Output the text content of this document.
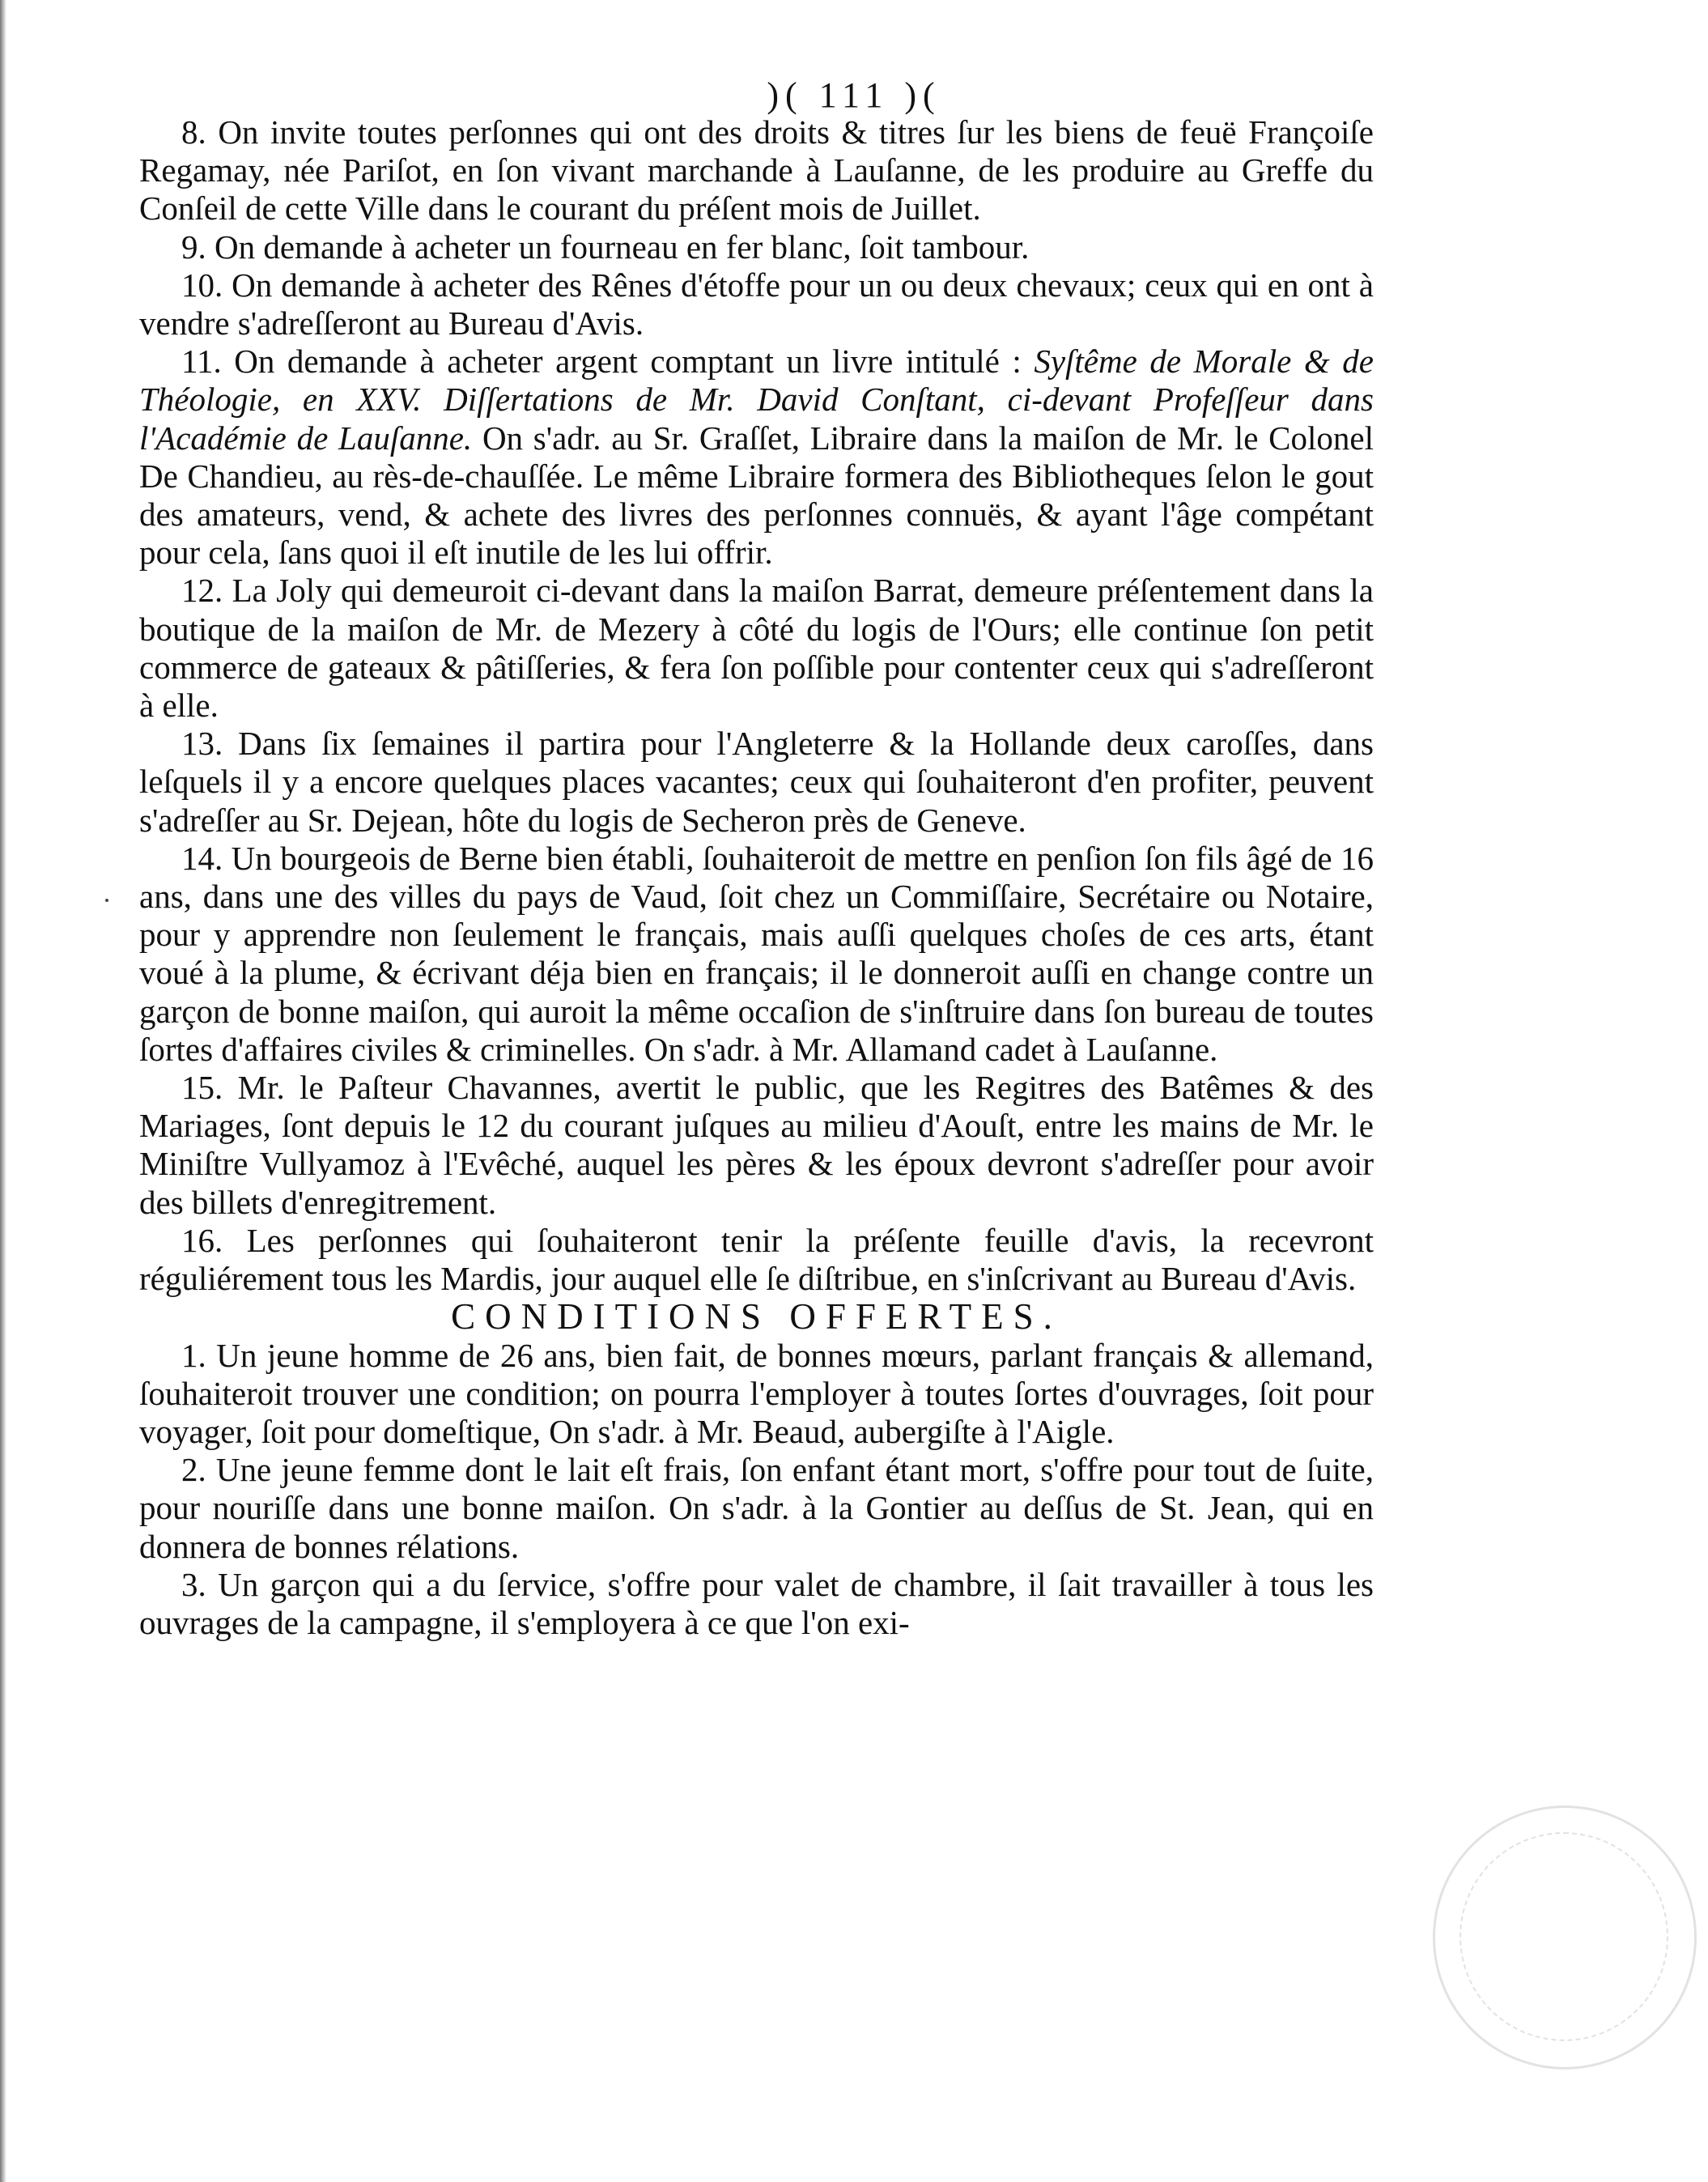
)( 111 )(

8. On invite toutes perſonnes qui ont des droits & titres ſur les biens de feuë Françoiſe Regamay, née Pariſot, en ſon vivant marchande à Lauſanne, de les produire au Greffe du Conſeil de cette Ville dans le courant du préſent mois de Juillet.

9. On demande à acheter un fourneau en fer blanc, ſoit tambour.

10. On demande à acheter des Rênes d'étoffe pour un ou deux chevaux; ceux qui en ont à vendre s'adreſſeront au Bureau d'Avis.

11. On demande à acheter argent comptant un livre intitulé : Syſtême de Morale & de Théologie, en XXV. Diſſertations de Mr. David Conſtant, ci-devant Profeſſeur dans l'Académie de Lauſanne. On s'adr. au Sr. Graſſet, Libraire dans la maiſon de Mr. le Colonel De Chandieu, au rès-de-chauſſée. Le même Libraire formera des Bibliotheques ſelon le gout des amateurs, vend, & achete des livres des perſonnes connuës, & ayant l'âge compétant pour cela, ſans quoi il eſt inutile de les lui offrir.

12. La Joly qui demeuroit ci-devant dans la maiſon Barrat, demeure préſentement dans la boutique de la maiſon de Mr. de Mezery à côté du logis de l'Ours; elle continue ſon petit commerce de gateaux & pâtiſſeries, & fera ſon poſſible pour contenter ceux qui s'adreſſeront à elle.

13. Dans ſix ſemaines il partira pour l'Angleterre & la Hollande deux caroſſes, dans leſquels il y a encore quelques places vacantes; ceux qui ſouhaiteront d'en profiter, peuvent s'adreſſer au Sr. Dejean, hôte du logis de Secheron près de Geneve.

14. Un bourgeois de Berne bien établi, ſouhaiteroit de mettre en penſion ſon fils âgé de 16 ans, dans une des villes du pays de Vaud, ſoit chez un Commiſſaire, Secrétaire ou Notaire, pour y apprendre non ſeulement le français, mais auſſi quelques choſes de ces arts, étant voué à la plume, & écrivant déja bien en français; il le donneroit auſſi en change contre un garçon de bonne maiſon, qui auroit la même occaſion de s'inſtruire dans ſon bureau de toutes ſortes d'affaires civiles & criminelles. On s'adr. à Mr. Allamand cadet à Lauſanne.

15. Mr. le Paſteur Chavannes, avertit le public, que les Regitres des Batêmes & des Mariages, ſont depuis le 12 du courant juſques au milieu d'Aouſt, entre les mains de Mr. le Miniſtre Vullyamoz à l'Evêché, auquel les pères & les époux devront s'adreſſer pour avoir des billets d'enregitrement.

16. Les perſonnes qui ſouhaiteront tenir la préſente feuille d'avis, la recevront réguliérement tous les Mardis, jour auquel elle ſe diſtribue, en s'inſcrivant au Bureau d'Avis.

CONDITIONS OFFERTES.

1. Un jeune homme de 26 ans, bien fait, de bonnes mœurs, parlant français & allemand, ſouhaiteroit trouver une condition; on pourra l'employer à toutes ſortes d'ouvrages, ſoit pour voyager, ſoit pour domeſtique, On s'adr. à Mr. Beaud, aubergiſte à l'Aigle.

2. Une jeune femme dont le lait eſt frais, ſon enfant étant mort, s'offre pour tout de ſuite, pour nouriſſe dans une bonne maiſon. On s'adr. à la Gontier au deſſus de St. Jean, qui en donnera de bonnes rélations.

3. Un garçon qui a du ſervice, s'offre pour valet de chambre, il ſait travailler à tous les ouvrages de la campagne, il s'employera à ce que l'on exi-
